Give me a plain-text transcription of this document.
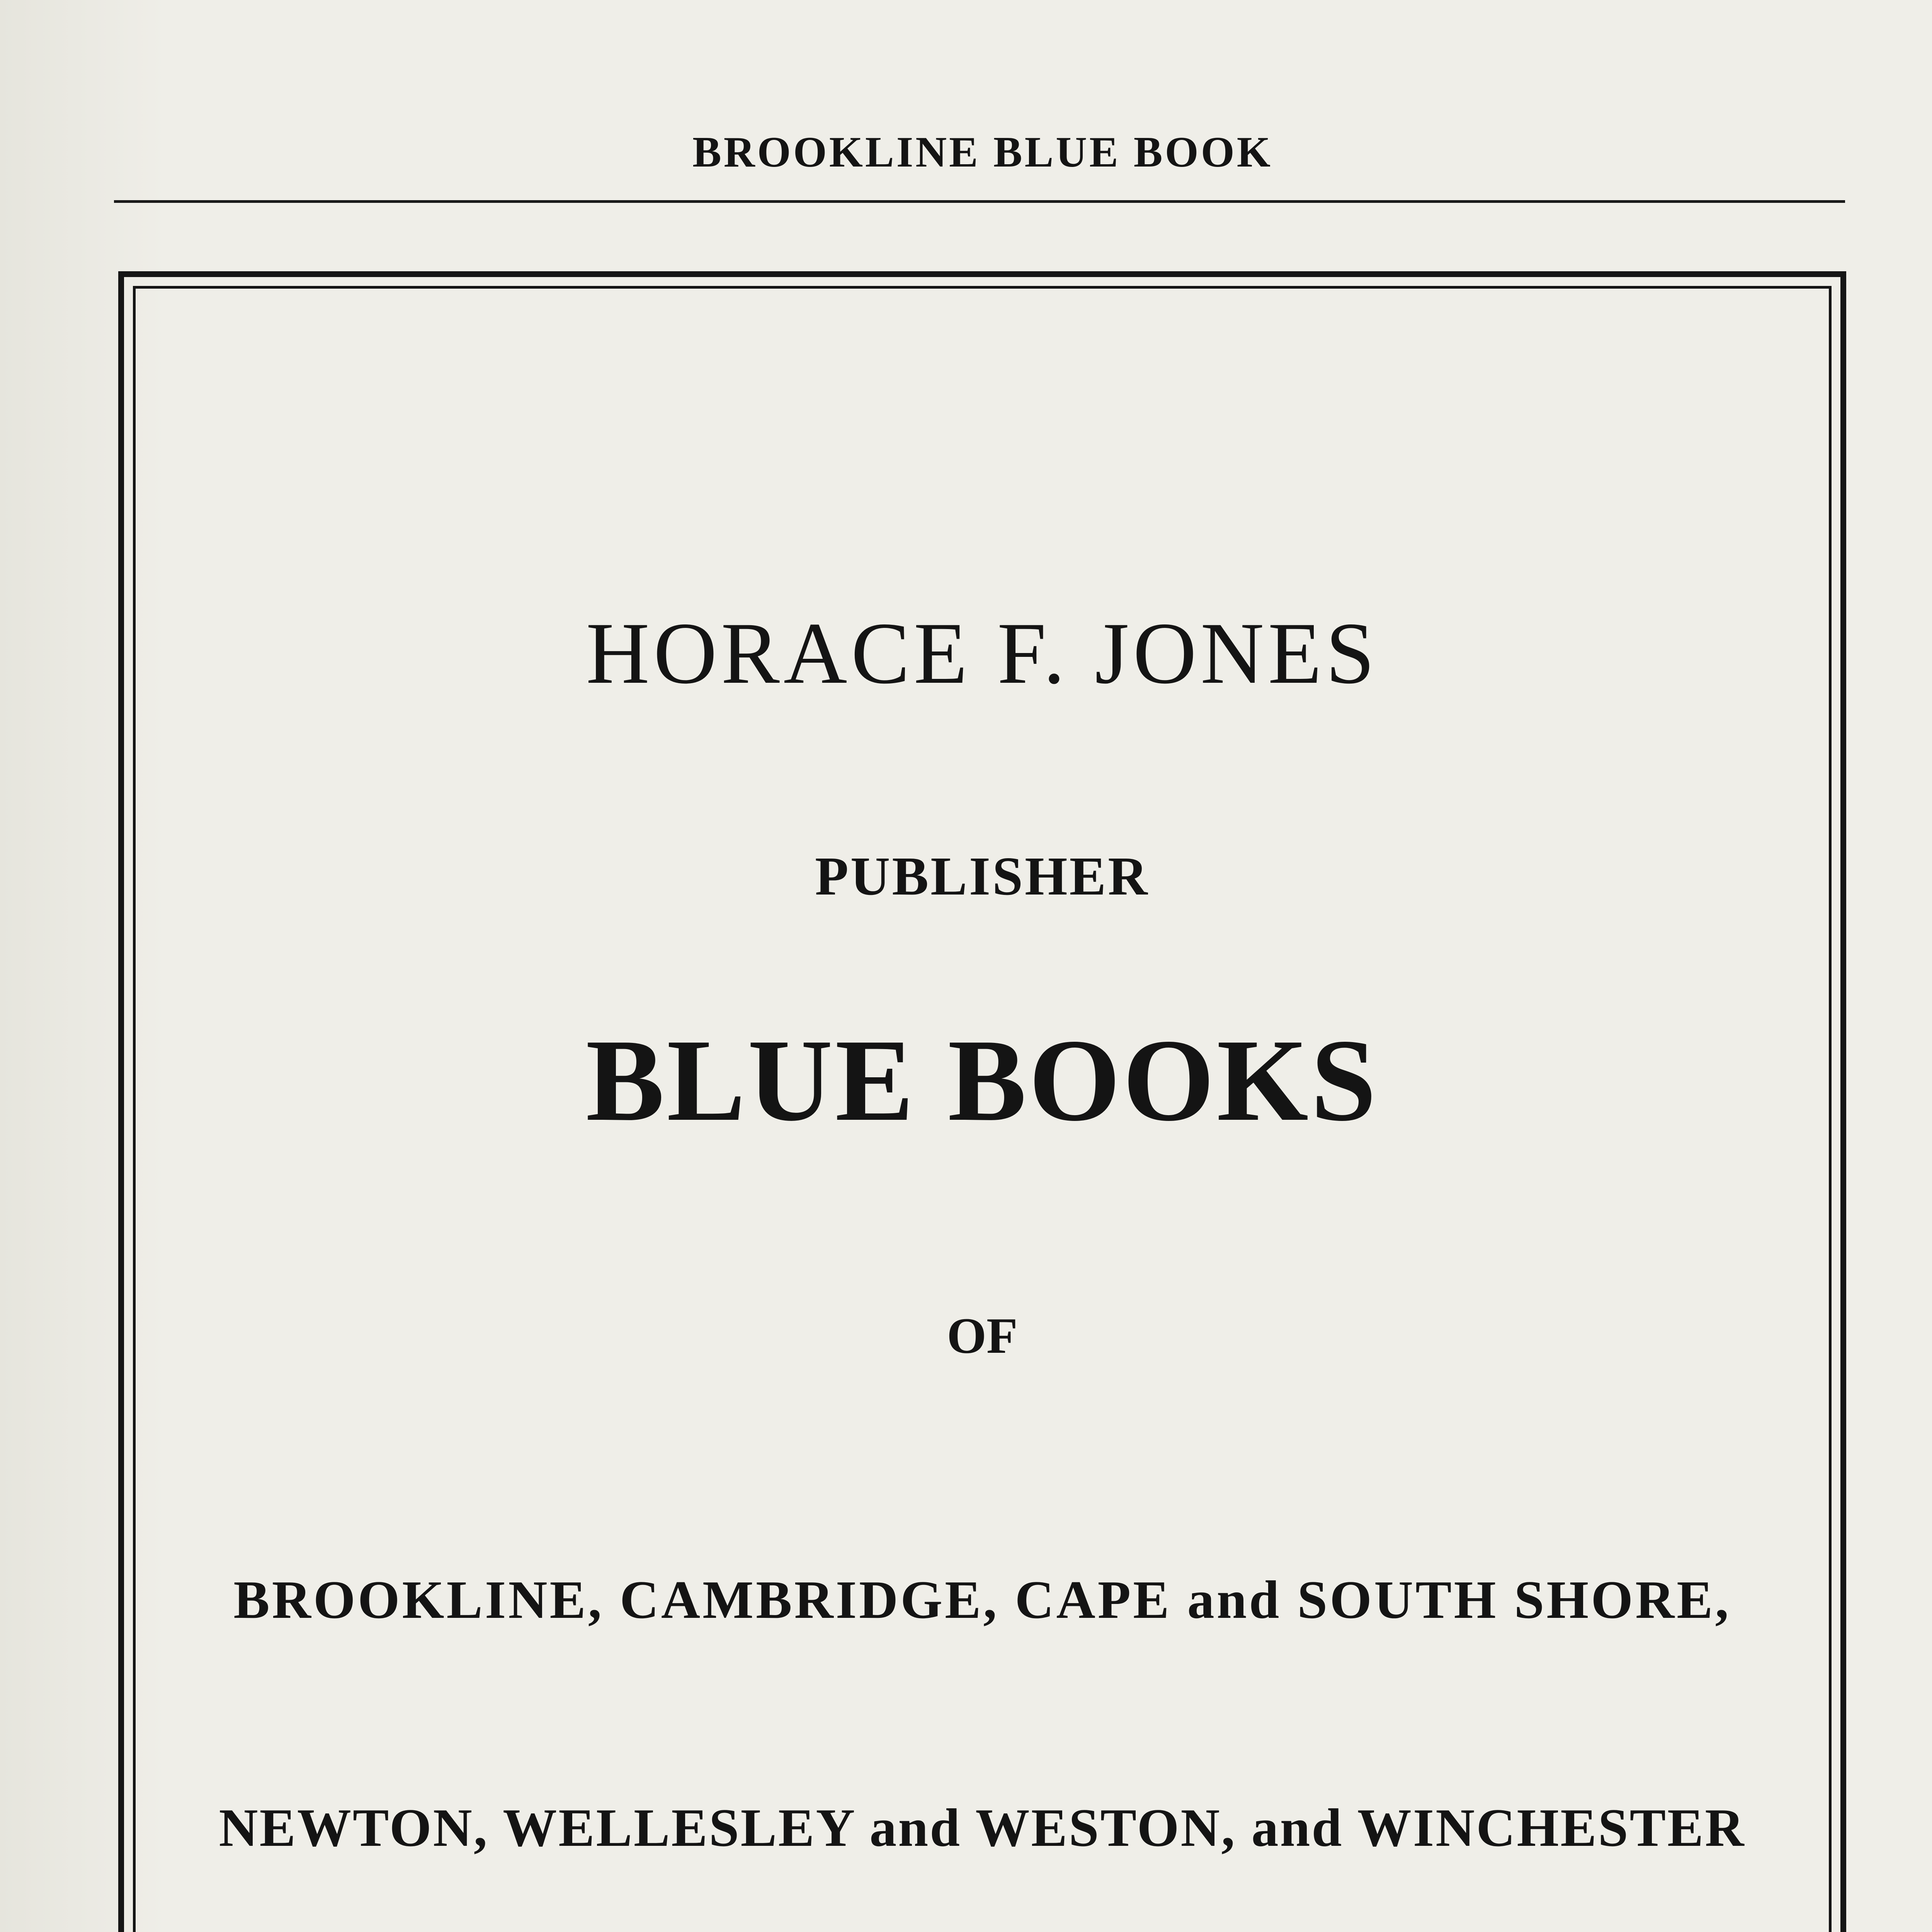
BROOKLINE BLUE BOOK
HORACE F. JONES
PUBLISHER
BLUE BOOKS
OF
BROOKLINE, CAMBRIDGE, CAPE and SOUTH SHORE,
NEWTON, WELLESLEY and WESTON, and WINCHESTER
